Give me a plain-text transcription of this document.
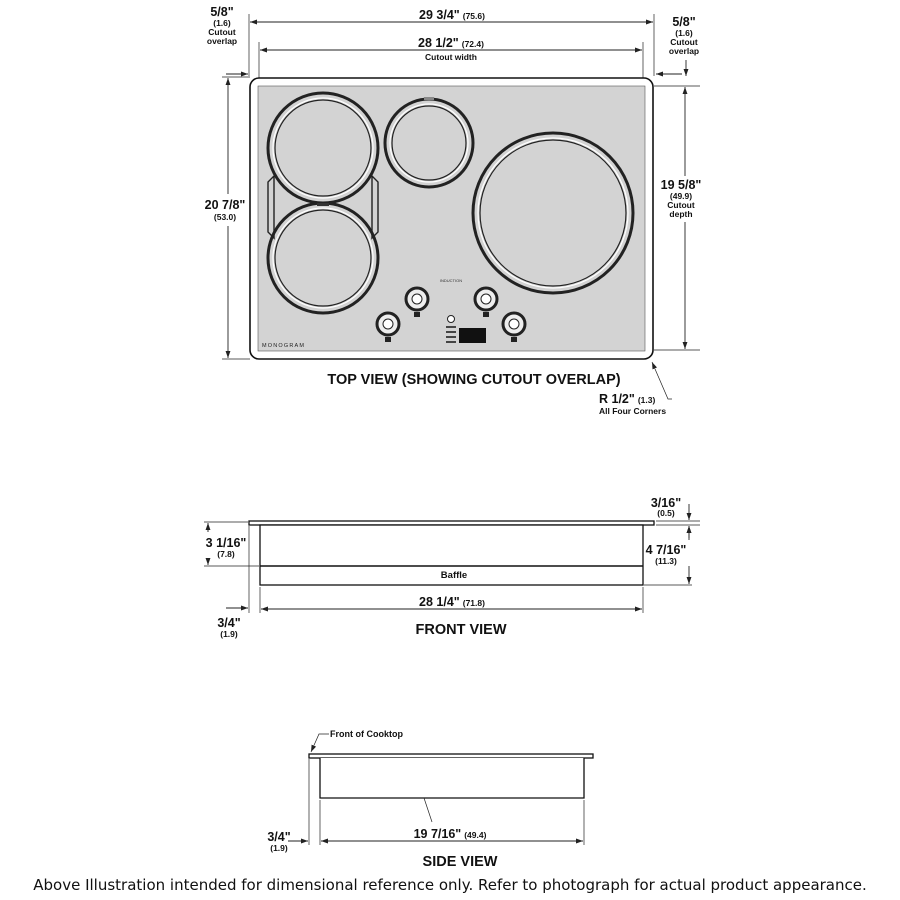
INDUCTION
MONOGRAM
29 3/4" (75.6)
28 1/2" (72.4)
Cutout width
5/8"
(1.6)
Cutout
overlap
5/8"
(1.6)
Cutout
overlap
20 7/8"
(53.0)
19 5/8"
(49.9)
Cutout
depth
R 1/2" (1.3)
All Four Corners
TOP VIEW (SHOWING CUTOUT OVERLAP)
Baffle
3/16"
(0.5)
3 1/16"
(7.8)	4 7/16"
(11.3)
28 1/4" (71.8)
3/4"
(1.9)	FRONT VIEW
Front of Cooktop
19 7/16" (49.4)
3/4"
(1.9)
SIDE VIEW
Above Illustration intended for dimensional reference only. Refer to photograph for actual product appearance.
